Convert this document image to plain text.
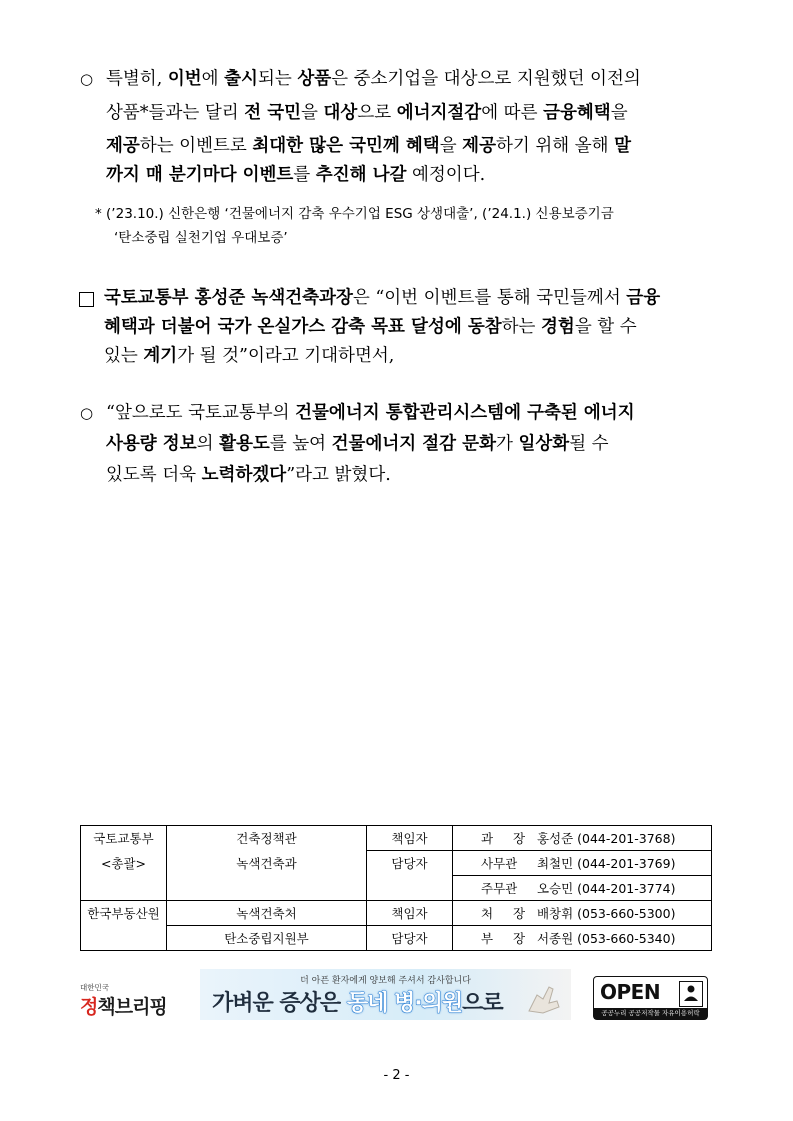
○ 특별히, 이번에 출시되는 상품은 중소기업을 대상으로 지원했던 이전의
상품*들과는 달리 전 국민을 대상으로 에너지절감에 따른 금융혜택을
제공하는 이벤트로 최대한 많은 국민께 혜택을 제공하기 위해 올해 말
까지 매 분기마다 이벤트를 추진해 나갈 예정이다.
* (’23.10.) 신한은행 ‘건물에너지 감축 우수기업 ESG 상생대출’, (’24.1.) 신용보증기금
‘탄소중립 실천기업 우대보증’
국토교통부 홍성준 녹색건축과장은 “이번 이벤트를 통해 국민들께서 금융
혜택과 더불어 국가 온실가스 감축 목표 달성에 동참하는 경험을 할 수
있는 계기가 될 것”이라고 기대하면서,
○ “앞으로도 국토교통부의 건물에너지 통합관리시스템에 구축된 에너지
사용량 정보의 활용도를 높여 건물에너지 절감 문화가 일상화될 수
있도록 더욱 노력하겠다”라고 밝혔다.
국토교통부	건축정책관	책임자	과 장 홍성준 (044-201-3768)
<총괄>	녹색건축과	담당자	사무관 최철민 (044-201-3769)
			주무관 오승민 (044-201-3774)
한국부동산원	녹색건축처	책임자	처 장 배창휘 (053-660-5300)
	탄소중립지원부	담당자	부 장 서종원 (053-660-5340)
대한민국
정책브리핑
더 아픈 환자에게 양보해 주셔서 감사합니다
가벼운 증상은 동네 병·의원으로	OPEN
공공누리 공공저작물 자유이용허락
- 2 -
